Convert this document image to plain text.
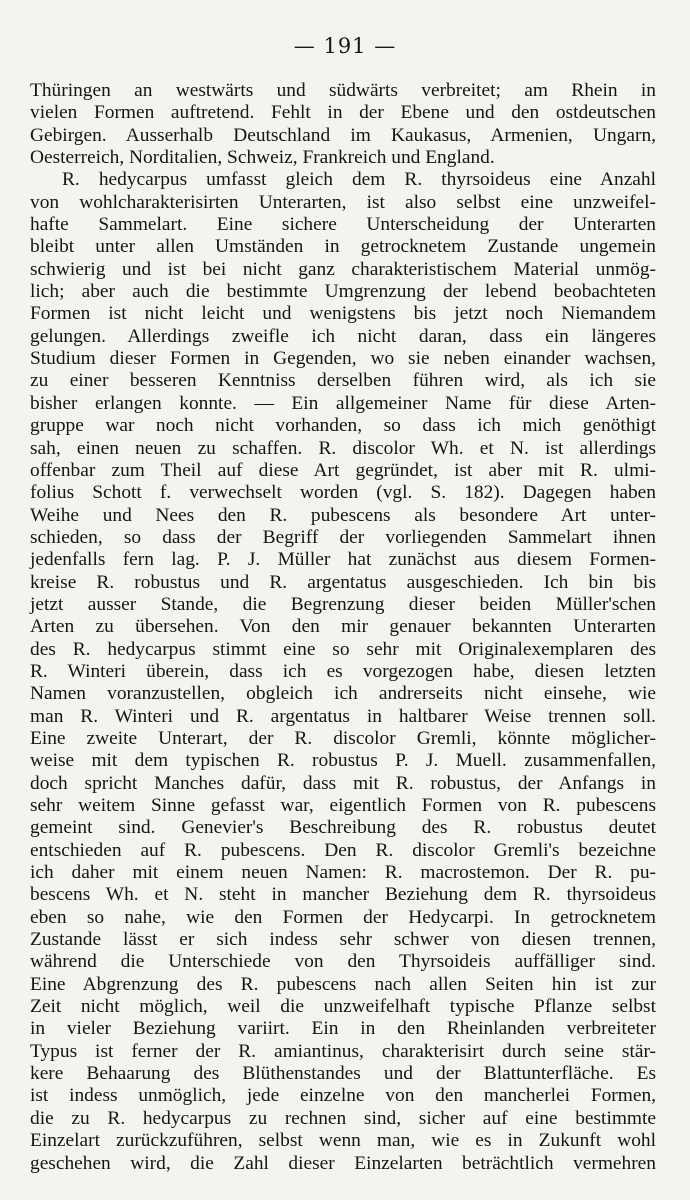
— 191 —
Thüringen an westwärts und südwärts verbreitet; am Rhein in
vielen Formen auftretend. Fehlt in der Ebene und den ostdeutschen
Gebirgen. Ausserhalb Deutschland im Kaukasus, Armenien, Ungarn,
Oesterreich, Norditalien, Schweiz, Frankreich und England.
R. hedycarpus umfasst gleich dem R. thyrsoideus eine Anzahl
von wohlcharakterisirten Unterarten, ist also selbst eine unzweifel-
hafte Sammelart. Eine sichere Unterscheidung der Unterarten
bleibt unter allen Umständen in getrocknetem Zustande ungemein
schwierig und ist bei nicht ganz charakteristischem Material unmög-
lich; aber auch die bestimmte Umgrenzung der lebend beobachteten
Formen ist nicht leicht und wenigstens bis jetzt noch Niemandem
gelungen. Allerdings zweifle ich nicht daran, dass ein längeres
Studium dieser Formen in Gegenden, wo sie neben einander wachsen,
zu einer besseren Kenntniss derselben führen wird, als ich sie
bisher erlangen konnte. — Ein allgemeiner Name für diese Arten-
gruppe war noch nicht vorhanden, so dass ich mich genöthigt
sah, einen neuen zu schaffen. R. discolor Wh. et N. ist allerdings
offenbar zum Theil auf diese Art gegründet, ist aber mit R. ulmi-
folius Schott f. verwechselt worden (vgl. S. 182). Dagegen haben
Weihe und Nees den R. pubescens als besondere Art unter-
schieden, so dass der Begriff der vorliegenden Sammelart ihnen
jedenfalls fern lag. P. J. Müller hat zunächst aus diesem Formen-
kreise R. robustus und R. argentatus ausgeschieden. Ich bin bis
jetzt ausser Stande, die Begrenzung dieser beiden Müller'schen
Arten zu übersehen. Von den mir genauer bekannten Unterarten
des R. hedycarpus stimmt eine so sehr mit Originalexemplaren des
R. Winteri überein, dass ich es vorgezogen habe, diesen letzten
Namen voranzustellen, obgleich ich andrerseits nicht einsehe, wie
man R. Winteri und R. argentatus in haltbarer Weise trennen soll.
Eine zweite Unterart, der R. discolor Gremli, könnte möglicher-
weise mit dem typischen R. robustus P. J. Muell. zusammenfallen,
doch spricht Manches dafür, dass mit R. robustus, der Anfangs in
sehr weitem Sinne gefasst war, eigentlich Formen von R. pubescens
gemeint sind. Genevier's Beschreibung des R. robustus deutet
entschieden auf R. pubescens. Den R. discolor Gremli's bezeichne
ich daher mit einem neuen Namen: R. macrostemon. Der R. pu-
bescens Wh. et N. steht in mancher Beziehung dem R. thyrsoideus
eben so nahe, wie den Formen der Hedycarpi. In getrocknetem
Zustande lässt er sich indess sehr schwer von diesen trennen,
während die Unterschiede von den Thyrsoideis auffälliger sind.
Eine Abgrenzung des R. pubescens nach allen Seiten hin ist zur
Zeit nicht möglich, weil die unzweifelhaft typische Pflanze selbst
in vieler Beziehung variirt. Ein in den Rheinlanden verbreiteter
Typus ist ferner der R. amiantinus, charakterisirt durch seine stär-
kere Behaarung des Blüthenstandes und der Blattunterfläche. Es
ist indess unmöglich, jede einzelne von den mancherlei Formen,
die zu R. hedycarpus zu rechnen sind, sicher auf eine bestimmte
Einzelart zurückzuführen, selbst wenn man, wie es in Zukunft wohl
geschehen wird, die Zahl dieser Einzelarten beträchtlich vermehren
